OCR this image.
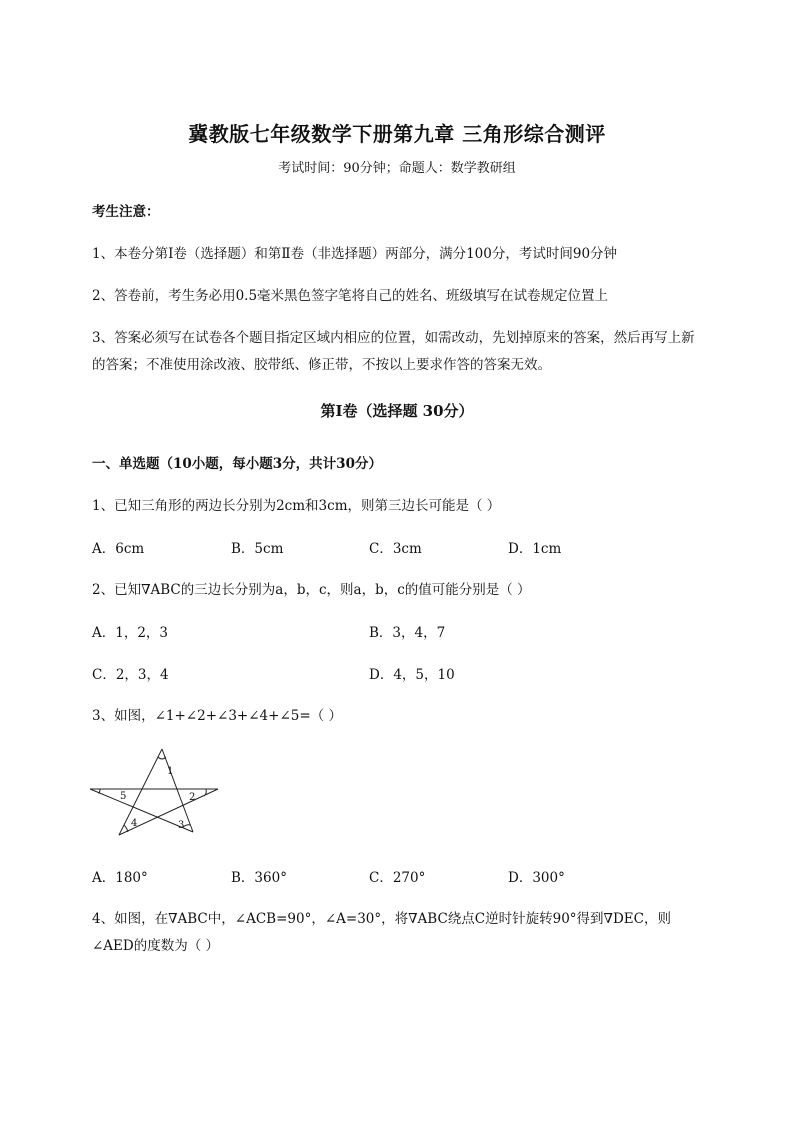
冀教版七年级数学下册第九章 三角形综合测评
考试时间：90分钟；命题人：数学教研组
考生注意：
1、本卷分第I卷（选择题）和第Ⅱ卷（非选择题）两部分，满分100分，考试时间90分钟
2、答卷前，考生务必用0.5毫米黑色签字笔将自己的姓名、班级填写在试卷规定位置上
3、答案必须写在试卷各个题目指定区域内相应的位置，如需改动，先划掉原来的答案，然后再写上新
的答案；不准使用涂改液、胶带纸、修正带，不按以上要求作答的答案无效。
第I卷（选择题 30分）
一、单选题（10小题，每小题3分，共计30分）
1、已知三角形的两边长分别为2cm和3cm，则第三边长可能是（ ）
A．6cm	B．5cm	C．3cm	D．1cm
2、已知∇ABC的三边长分别为a，b，c，则a，b，c的值可能分别是（ ）
A．1，2，3	B．3，4，7
C．2，3，4	D．4，5，10
3、如图，∠1+∠2+∠3+∠4+∠5=（ ）
1
2
3
4
5
A．180°	B．360°	C．270°	D．300°
4、如图，在∇ABC中，∠ACB=90°，∠A=30°，将∇ABC绕点C逆时针旋转90°得到∇DEC，则
∠AED的度数为（ ）
